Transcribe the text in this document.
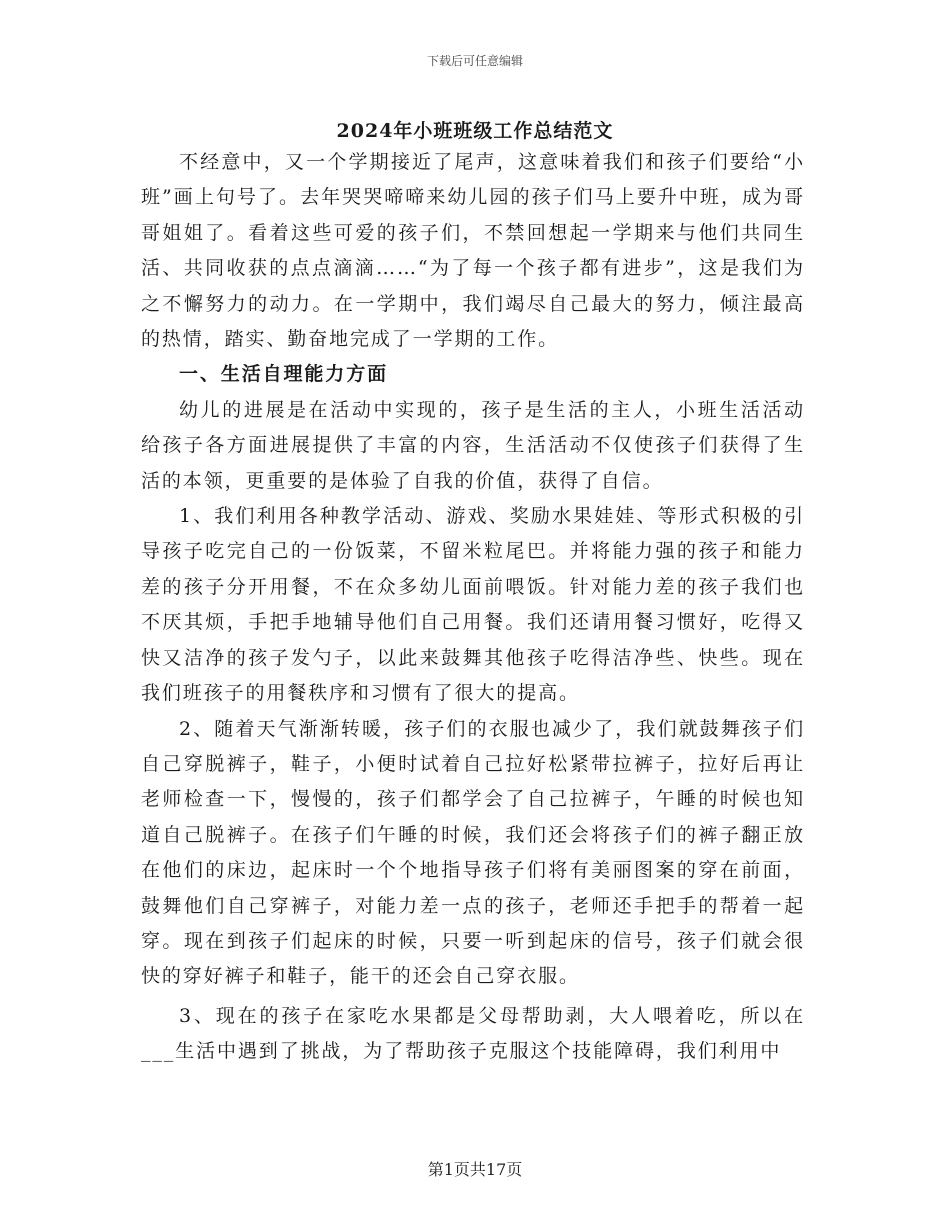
下载后可任意编辑
2024年小班班级工作总结范文

不经意中，又一个学期接近了尾声，这意味着我们和孩子们要给“小班”画上句号了。去年哭哭啼啼来幼儿园的孩子们马上要升中班，成为哥哥姐姐了。看着这些可爱的孩子们，不禁回想起一学期来与他们共同生活、共同收获的点点滴滴……“为了每一个孩子都有进步”，这是我们为之不懈努力的动力。在一学期中，我们竭尽自己最大的努力，倾注最高的热情，踏实、勤奋地完成了一学期的工作。

一、生活自理能力方面

幼儿的进展是在活动中实现的，孩子是生活的主人，小班生活活动给孩子各方面进展提供了丰富的内容，生活活动不仅使孩子们获得了生活的本领，更重要的是体验了自我的价值，获得了自信。

1、我们利用各种教学活动、游戏、奖励水果娃娃、等形式积极的引导孩子吃完自己的一份饭菜，不留米粒尾巴。并将能力强的孩子和能力差的孩子分开用餐，不在众多幼儿面前喂饭。针对能力差的孩子我们也不厌其烦，手把手地辅导他们自己用餐。我们还请用餐习惯好，吃得又快又洁净的孩子发勺子，以此来鼓舞其他孩子吃得洁净些、快些。现在我们班孩子的用餐秩序和习惯有了很大的提高。

2、随着天气渐渐转暖，孩子们的衣服也减少了，我们就鼓舞孩子们自己穿脱裤子，鞋子，小便时试着自己拉好松紧带拉裤子，拉好后再让老师检查一下，慢慢的，孩子们都学会了自己拉裤子，午睡的时候也知道自己脱裤子。在孩子们午睡的时候，我们还会将孩子们的裤子翻正放在他们的床边，起床时一个个地指导孩子们将有美丽图案的穿在前面，鼓舞他们自己穿裤子，对能力差一点的孩子，老师还手把手的帮着一起穿。现在到孩子们起床的时候，只要一听到起床的信号，孩子们就会很快的穿好裤子和鞋子，能干的还会自己穿衣服。

3、现在的孩子在家吃水果都是父母帮助剥，大人喂着吃，所以在___生活中遇到了挑战，为了帮助孩子克服这个技能障碍，我们利用中

第1页共17页
